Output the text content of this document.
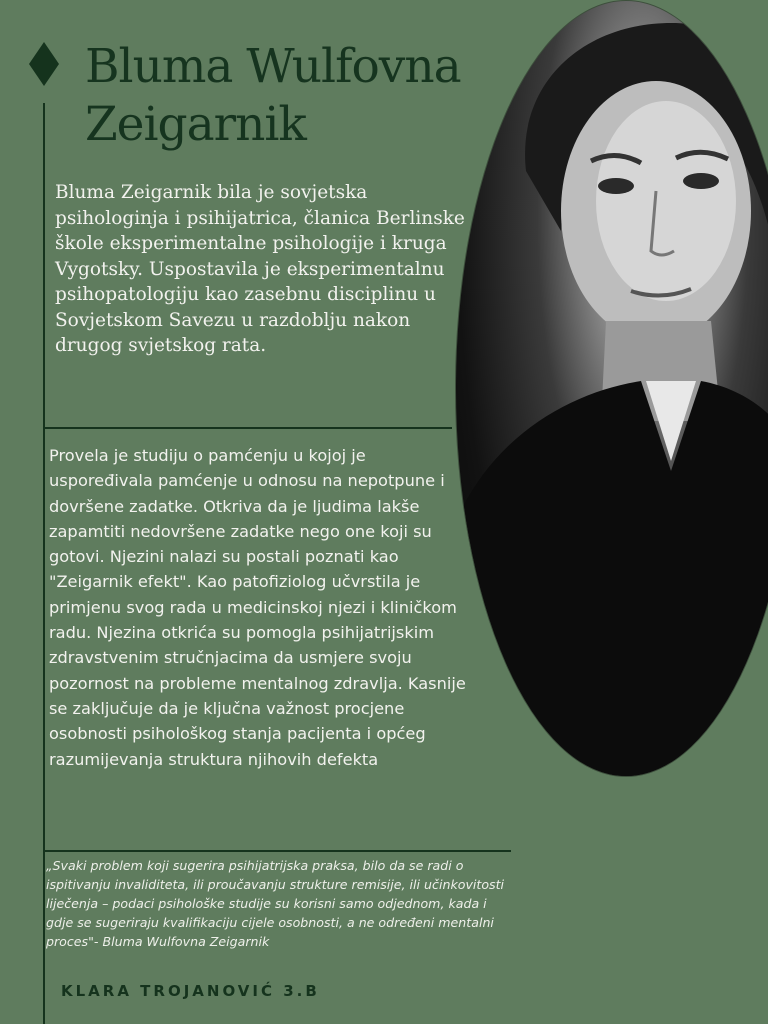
Bluma Wulfovna
Zeigarnik

Bluma Zeigarnik bila je sovjetska psihologinja i psihijatrica, članica Berlinske škole eksperimentalne psihologije i kruga Vygotsky. Uspostavila je eksperimentalnu psihopatologiju kao zasebnu disciplinu u Sovjetskom Savezu u razdoblju nakon drugog svjetskog rata.

Provela je studiju o pamćenju u kojoj je uspoređivala pamćenje u odnosu na nepotpune i dovršene zadatke. Otkriva da je ljudima lakše zapamtiti nedovršene zadatke nego one koji su gotovi. Njezini nalazi su postali poznati kao "Zeigarnik efekt". Kao patofiziolog učvrstila je primjenu svog rada u medicinskoj njezi i kliničkom radu. Njezina otkrića su pomogla psihijatrijskim zdravstvenim stručnjacima da usmjere svoju pozornost na probleme mentalnog zdravlja. Kasnije se zaključuje da je ključna važnost procjene osobnosti psihološkog stanja pacijenta i općeg razumijevanja struktura njihovih defekta

„Svaki problem koji sugerira psihijatrijska praksa, bilo da se radi o ispitivanju invaliditeta, ili proučavanju strukture remisije, ili učinkovitosti liječenja – podaci psihološke studije su korisni samo odjednom, kada i gdje se sugeriraju kvalifikaciju cijele osobnosti, a ne određeni mentalni proces"- Bluma Wulfovna Zeigarnik

KLARA TROJANOVIĆ 3.B
